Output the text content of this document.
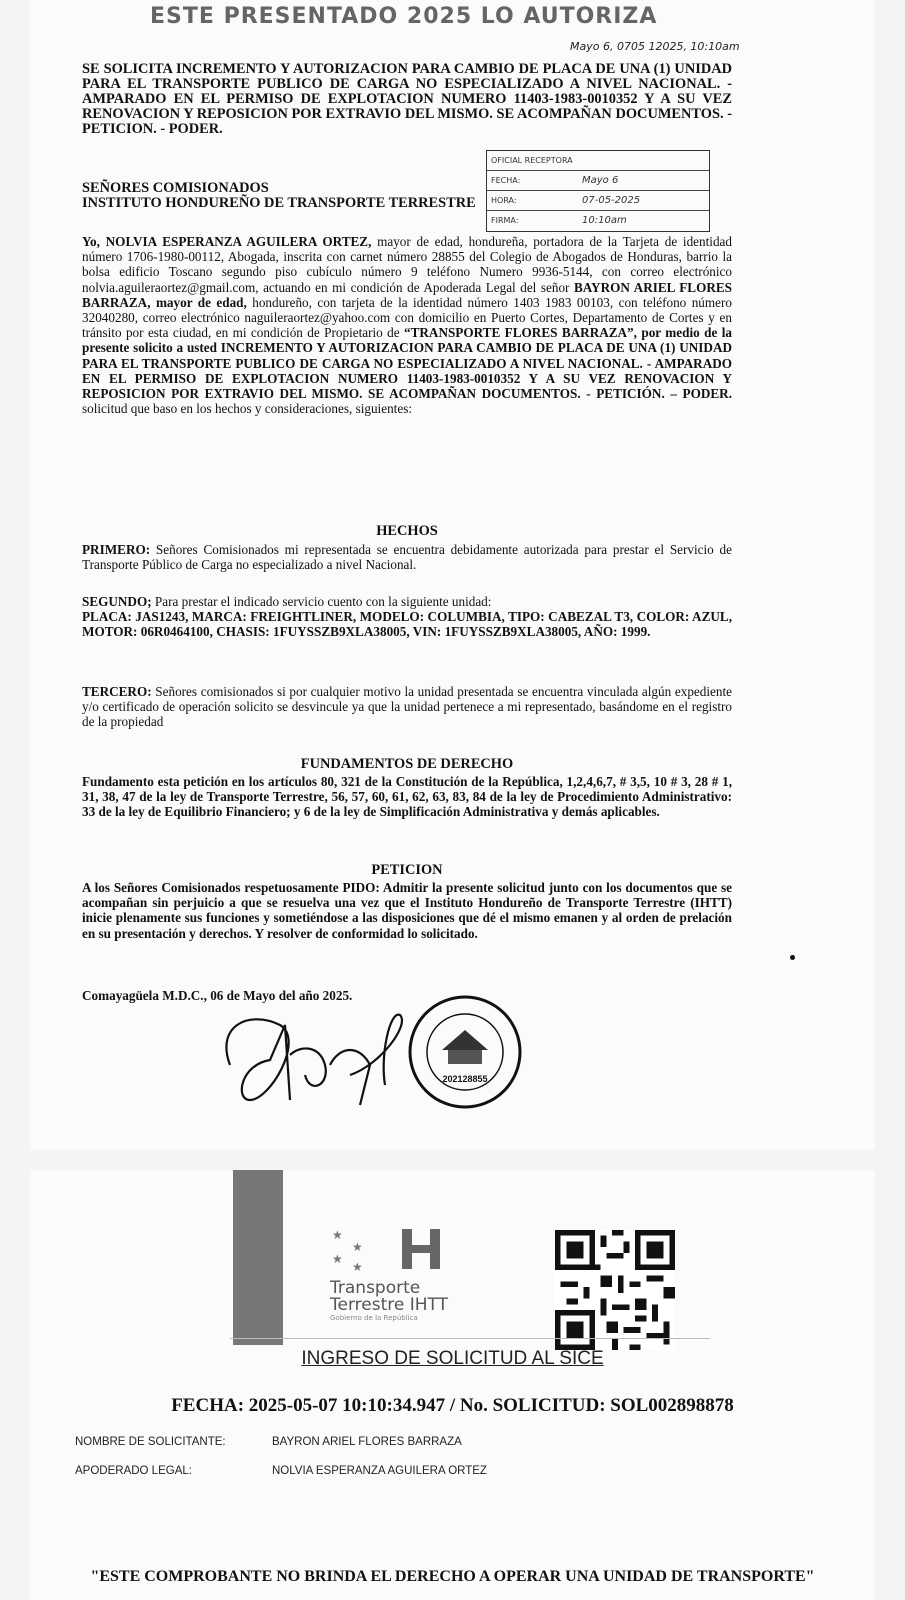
ESTE PRESENTADO 2025 LO AUTORIZA
Mayo 6, 0705 12025, 10:10am
SE SOLICITA INCREMENTO Y AUTORIZACION PARA CAMBIO DE PLACA DE UNA (1) UNIDAD PARA EL TRANSPORTE PUBLICO DE CARGA NO ESPECIALIZADO A NIVEL NACIONAL. - AMPARADO EN EL PERMISO DE EXPLOTACION NUMERO 11403-1983-0010352 Y A SU VEZ RENOVACION Y REPOSICION POR EXTRAVIO DEL MISMO. SE ACOMPAÑAN DOCUMENTOS. - PETICION. - PODER.
OFICIAL RECEPTORA
FECHA:	Mayo 6
HORA:	07-05-2025
FIRMA:	10:10am
SEÑORES COMISIONADOS
INSTITUTO HONDUREÑO DE TRANSPORTE TERRESTRE
Yo, NOLVIA ESPERANZA AGUILERA ORTEZ, mayor de edad, hondureña, portadora de la Tarjeta de identidad número 1706-1980-00112, Abogada, inscrita con carnet número 28855 del Colegio de Abogados de Honduras, barrio la bolsa edificio Toscano segundo piso cubículo número 9 teléfono Numero 9936-5144, con correo electrónico nolvia.aguileraortez@gmail.com, actuando en mi condición de Apoderada Legal del señor BAYRON ARIEL FLORES BARRAZA, mayor de edad, hondureño, con tarjeta de la identidad número 1403 1983 00103, con teléfono número 32040280, correo electrónico naguileraortez@yahoo.com con domicilio en Puerto Cortes, Departamento de Cortes y en tránsito por esta ciudad, en mi condición de Propietario de “TRANSPORTE FLORES BARRAZA”, por medio de la presente solicito a usted INCREMENTO Y AUTORIZACION PARA CAMBIO DE PLACA DE UNA (1) UNIDAD PARA EL TRANSPORTE PUBLICO DE CARGA NO ESPECIALIZADO A NIVEL NACIONAL. - AMPARADO EN EL PERMISO DE EXPLOTACION NUMERO 11403-1983-0010352 Y A SU VEZ RENOVACION Y REPOSICION POR EXTRAVIO DEL MISMO. SE ACOMPAÑAN DOCUMENTOS. - PETICIÓN. – PODER. solicitud que baso en los hechos y consideraciones, siguientes:
HECHOS
PRIMERO: Señores Comisionados mi representada se encuentra debidamente autorizada para prestar el Servicio de Transporte Público de Carga no especializado a nivel Nacional.
SEGUNDO; Para prestar el indicado servicio cuento con la siguiente unidad:
PLACA: JAS1243, MARCA: FREIGHTLINER, MODELO: COLUMBIA, TIPO: CABEZAL T3, COLOR: AZUL, MOTOR: 06R0464100, CHASIS: 1FUYSSZB9XLA38005, VIN: 1FUYSSZB9XLA38005, AÑO: 1999.
TERCERO: Señores comisionados si por cualquier motivo la unidad presentada se encuentra vinculada algún expediente y/o certificado de operación solicito se desvincule ya que la unidad pertenece a mi representado, basándome en el registro de la propiedad
FUNDAMENTOS DE DERECHO
Fundamento esta petición en los artículos 80, 321 de la Constitución de la República, 1,2,4,6,7, # 3,5, 10 # 3, 28 # 1, 31, 38, 47 de la ley de Transporte Terrestre, 56, 57, 60, 61, 62, 63, 83, 84 de la ley de Procedimiento Administrativo: 33 de la ley de Equilibrio Financiero; y 6 de la ley de Simplificación Administrativa y demás aplicables.
PETICION
A los Señores Comisionados respetuosamente PIDO: Admitir la presente solicitud junto con los documentos que se acompañan sin perjuicio a que se resuelva una vez que el Instituto Hondureño de Transporte Terrestre (IHTT) inicie plenamente sus funciones y sometiéndose a las disposiciones que dé el mismo emanen y al orden de prelación en su presentación y derechos. Y resolver de conformidad lo solicitado.
Comayagüela M.D.C., 06 de Mayo del año 2025.
202128855
★
★
★
★
Transporte
Terrestre IHTT
Gobierno de la República
INGRESO DE SOLICITUD AL SICE
FECHA: 2025-05-07 10:10:34.947 / No. SOLICITUD: SOL002898878
NOMBRE DE SOLICITANTE:	BAYRON ARIEL FLORES BARRAZA
APODERADO LEGAL:	NOLVIA ESPERANZA AGUILERA ORTEZ
"ESTE COMPROBANTE NO BRINDA EL DERECHO A OPERAR UNA UNIDAD DE TRANSPORTE"
